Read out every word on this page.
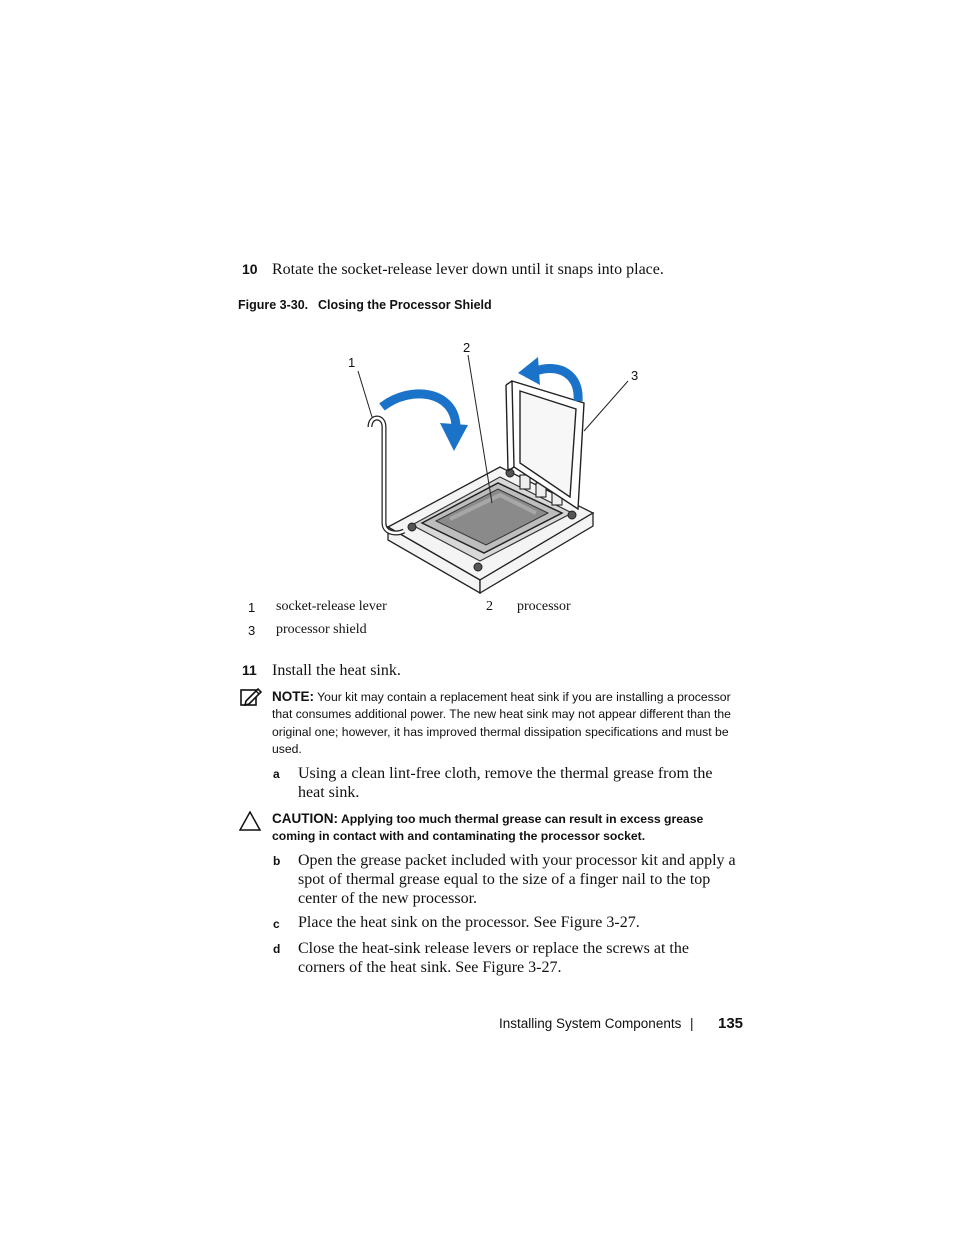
10 Rotate the socket-release lever down until it snaps into place.
Figure 3-30. Closing the Processor Shield
1
2
3
1 socket-release lever	2 processor
3 processor shield
11 Install the heat sink.
NOTE: Your kit may contain a replacement heat sink if you are installing a processor that consumes additional power. The new heat sink may not appear different than the original one; however, it has improved thermal dissipation specifications and must be used.
a Using a clean lint-free cloth, remove the thermal grease from the heat sink.
CAUTION: Applying too much thermal grease can result in excess grease coming in contact with and contaminating the processor socket.
b Open the grease packet included with your processor kit and apply a spot of thermal grease equal to the size of a finger nail to the top center of the new processor.
c Place the heat sink on the processor. See Figure 3-27.
d Close the heat-sink release levers or replace the screws at the corners of the heat sink. See Figure 3-27.
Installing System Components | 135
